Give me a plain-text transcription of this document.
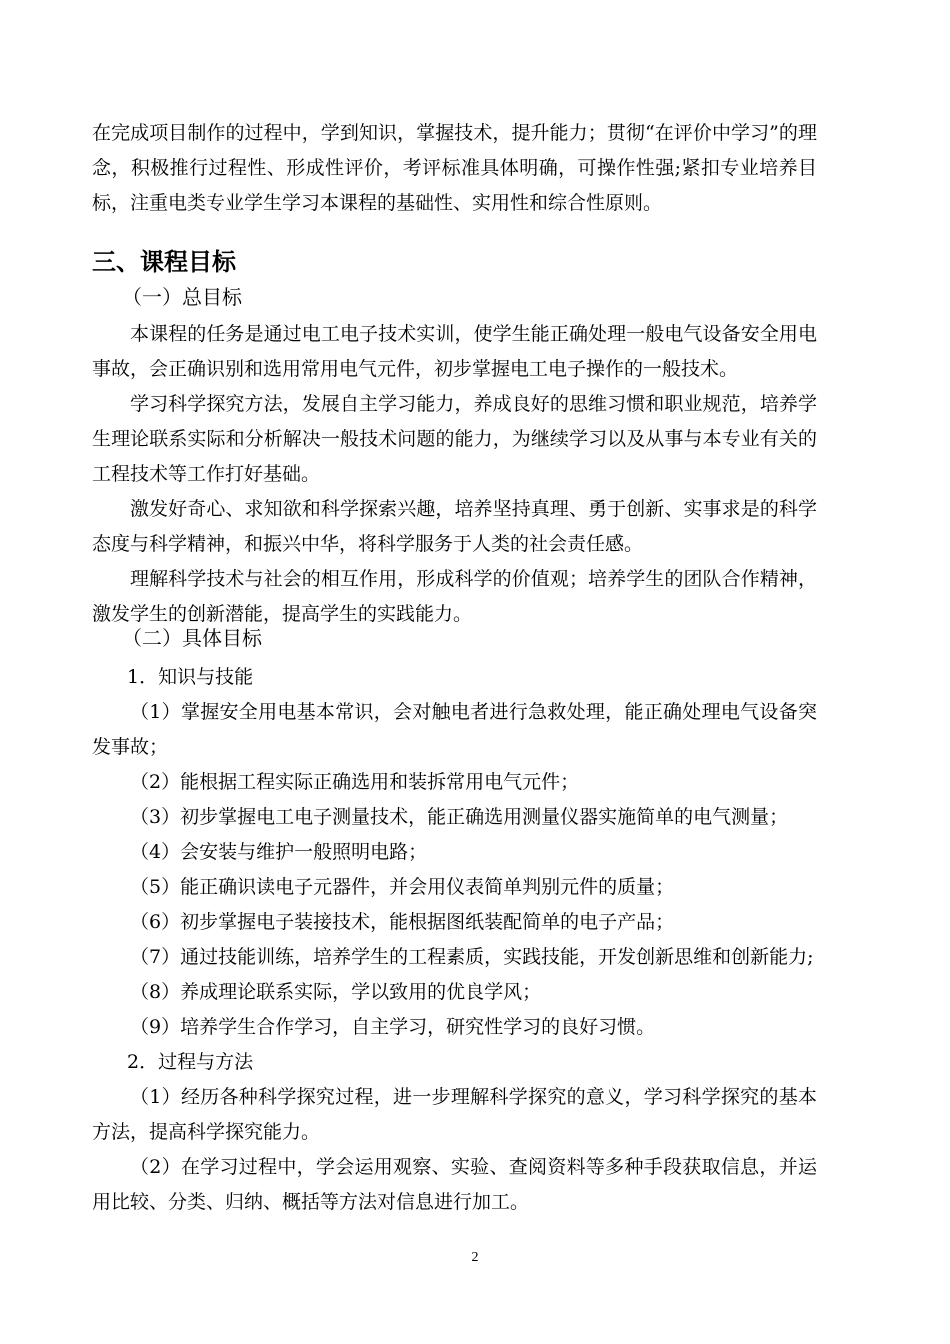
在完成项目制作的过程中，学到知识，掌握技术，提升能力；贯彻“在评价中学习”的理念，积极推行过程性、形成性评价，考评标准具体明确，可操作性强;紧扣专业培养目标，注重电类专业学生学习本课程的基础性、实用性和综合性原则。
三、课程目标
（一）总目标
本课程的任务是通过电工电子技术实训，使学生能正确处理一般电气设备安全用电事故，会正确识别和选用常用电气元件，初步掌握电工电子操作的一般技术。
学习科学探究方法，发展自主学习能力，养成良好的思维习惯和职业规范，培养学生理论联系实际和分析解决一般技术问题的能力，为继续学习以及从事与本专业有关的工程技术等工作打好基础。
激发好奇心、求知欲和科学探索兴趣，培养坚持真理、勇于创新、实事求是的科学态度与科学精神，和振兴中华，将科学服务于人类的社会责任感。
理解科学技术与社会的相互作用，形成科学的价值观；培养学生的团队合作精神，激发学生的创新潜能，提高学生的实践能力。
（二）具体目标
1．知识与技能
（1）掌握安全用电基本常识，会对触电者进行急救处理，能正确处理电气设备突发事故；
（2）能根据工程实际正确选用和装拆常用电气元件；
（3）初步掌握电工电子测量技术，能正确选用测量仪器实施简单的电气测量；
（4）会安装与维护一般照明电路；
（5）能正确识读电子元器件，并会用仪表简单判别元件的质量；
（6）初步掌握电子装接技术，能根据图纸装配简单的电子产品；
（7）通过技能训练，培养学生的工程素质，实践技能，开发创新思维和创新能力;
（8）养成理论联系实际，学以致用的优良学风；
（9）培养学生合作学习，自主学习，研究性学习的良好习惯。
2．过程与方法
（1）经历各种科学探究过程，进一步理解科学探究的意义，学习科学探究的基本方法，提高科学探究能力。
（2）在学习过程中，学会运用观察、实验、查阅资料等多种手段获取信息，并运用比较、分类、归纳、概括等方法对信息进行加工。
2
